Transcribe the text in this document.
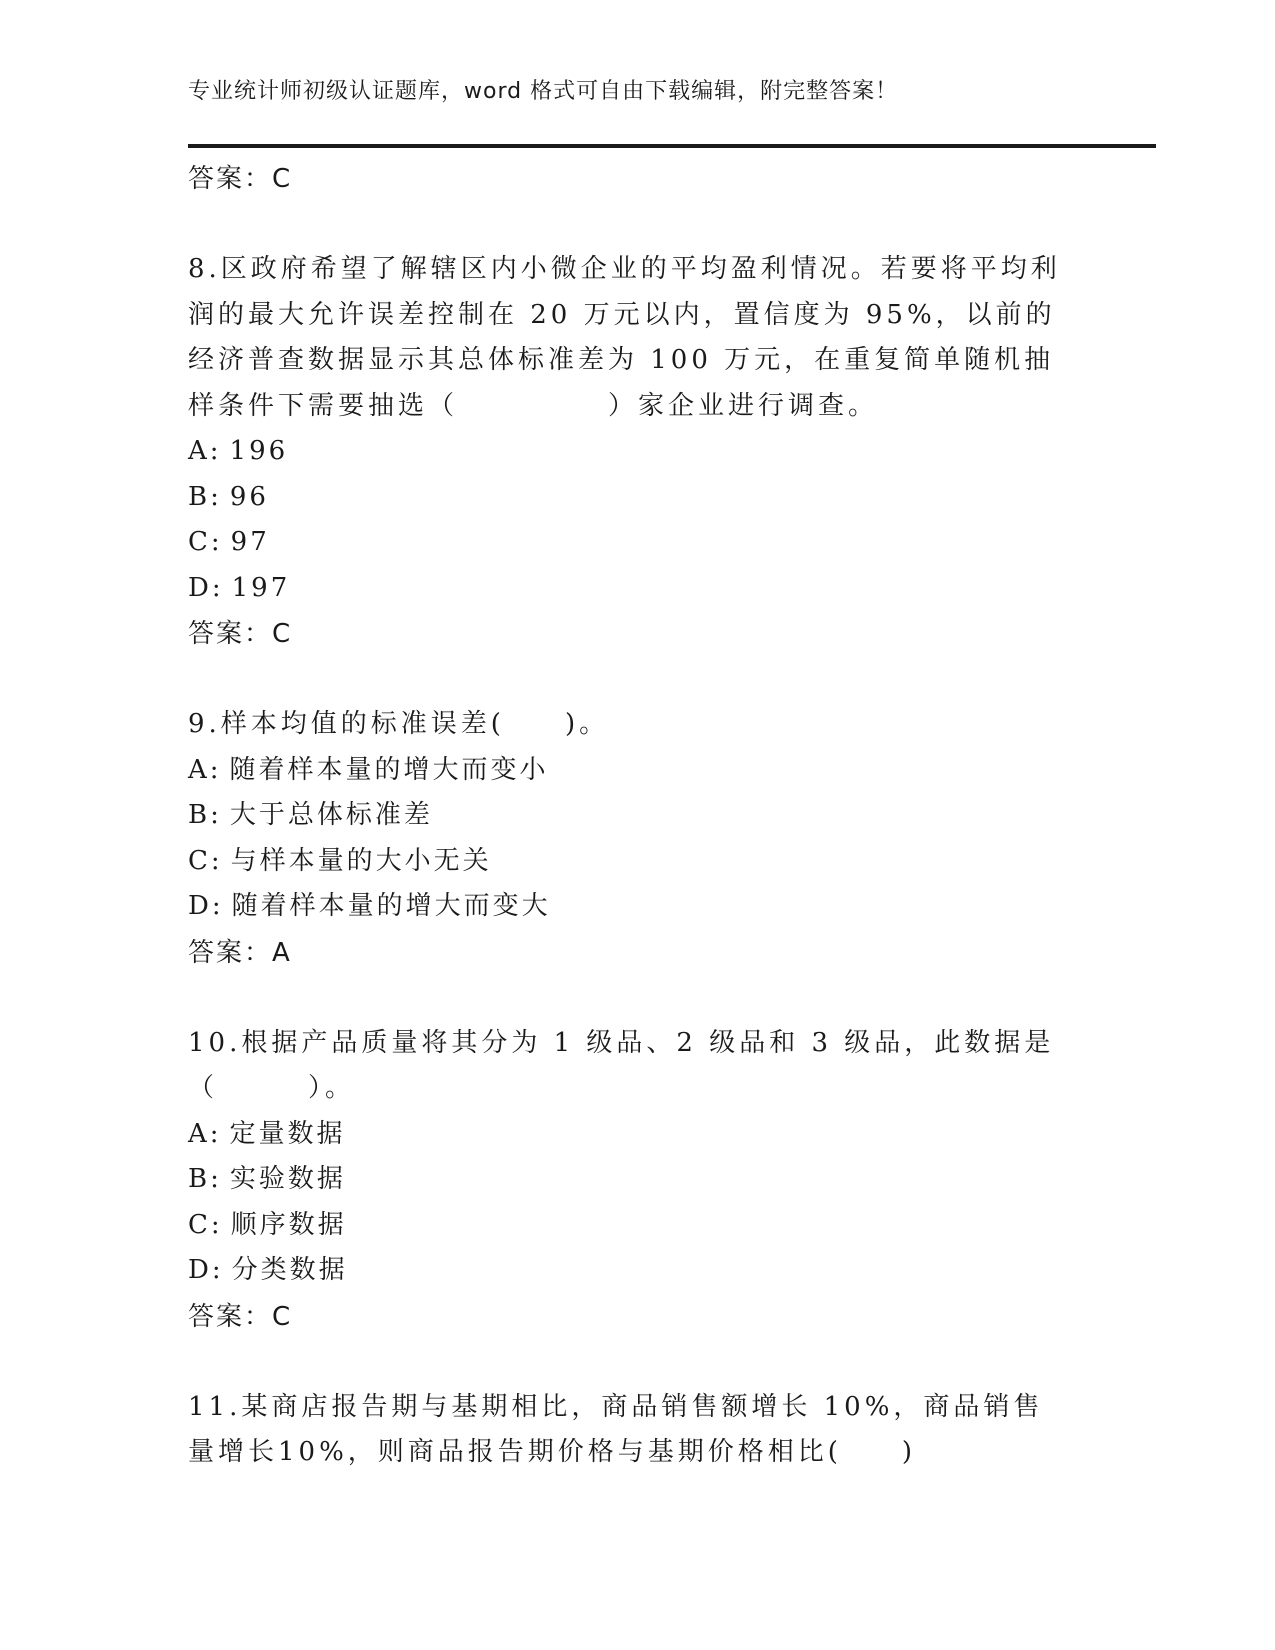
专业统计师初级认证题库，word 格式可自由下载编辑，附完整答案！
答案：C
8.区政府希望了解辖区内小微企业的平均盈利情况。若要将平均利润的最大允许误差控制在 20 万元以内，置信度为 95%，以前的经济普查数据显示其总体标准差为 100 万元，在重复简单随机抽样条件下需要抽选（　　　　　）家企业进行调查。
A: 196
B: 96
C: 97
D: 197
答案：C
9.样本均值的标准误差(　　)。
A: 随着样本量的增大而变小
B: 大于总体标准差
C: 与样本量的大小无关
D: 随着样本量的增大而变大
答案：A
10.根据产品质量将其分为 1 级品、2 级品和 3 级品，此数据是（　　　）。
A: 定量数据
B: 实验数据
C: 顺序数据
D: 分类数据
答案：C
11.某商店报告期与基期相比，商品销售额增长 10%，商品销售量增长10%，则商品报告期价格与基期价格相比(　　)
